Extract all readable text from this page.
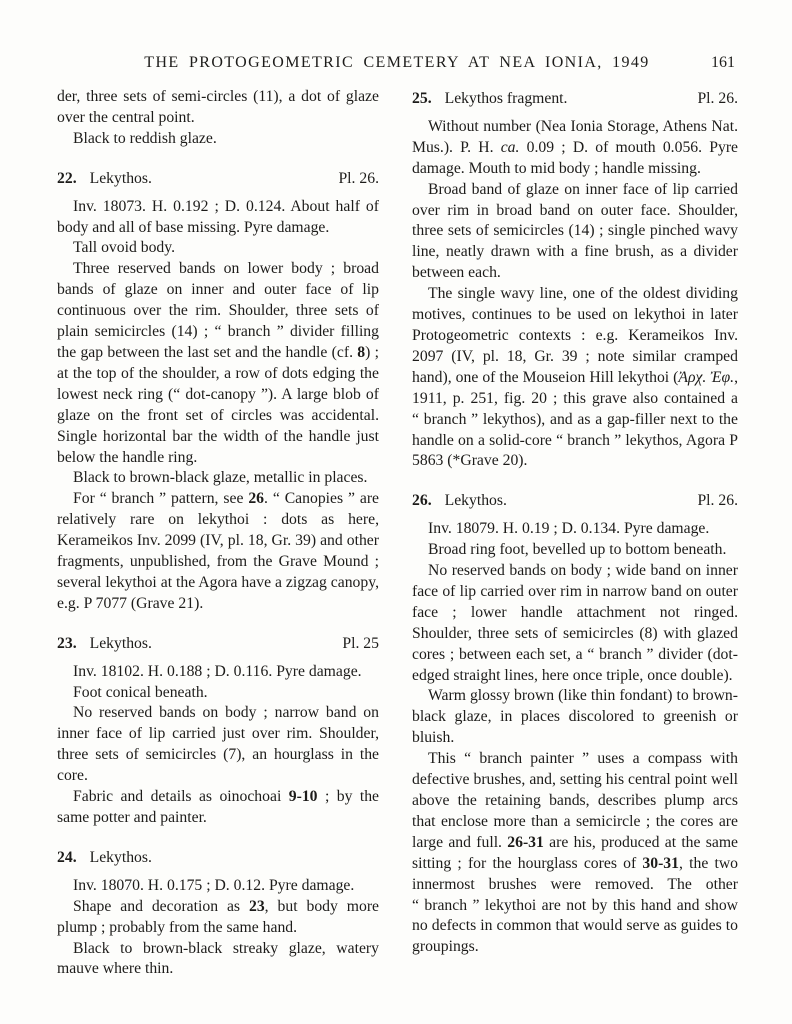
THE PROTOGEOMETRIC CEMETERY AT NEA IONIA, 1949	161

der, three sets of semi-circles (11), a dot of glaze over the central point.

Black to reddish glaze.

22. Lekythos.	Pl. 26.

Inv. 18073. H. 0.192 ; D. 0.124. About half of body and all of base missing. Pyre damage.

Tall ovoid body.

Three reserved bands on lower body ; broad bands of glaze on inner and outer face of lip continuous over the rim. Shoulder, three sets of plain semicircles (14) ; “ branch ” divider filling the gap between the last set and the handle (cf. 8) ; at the top of the shoulder, a row of dots edging the lowest neck ring (“ dot-canopy ”). A large blob of glaze on the front set of circles was accidental. Single horizontal bar the width of the handle just below the handle ring.

Black to brown-black glaze, metallic in places.

For “ branch ” pattern, see 26. “ Canopies ” are relatively rare on lekythoi : dots as here, Kerameikos Inv. 2099 (IV, pl. 18, Gr. 39) and other fragments, unpublished, from the Grave Mound ; several lekythoi at the Agora have a zigzag canopy, e.g. P 7077 (Grave 21).

23. Lekythos.	Pl. 25

Inv. 18102. H. 0.188 ; D. 0.116. Pyre damage.

Foot conical beneath.

No reserved bands on body ; narrow band on inner face of lip carried just over rim. Shoulder, three sets of semicircles (7), an hourglass in the core.

Fabric and details as oinochoai 9-10 ; by the same potter and painter.

24. Lekythos.

Inv. 18070. H. 0.175 ; D. 0.12. Pyre damage.

Shape and decoration as 23, but body more plump ; probably from the same hand.

Black to brown-black streaky glaze, watery mauve where thin.

25. Lekythos fragment.	Pl. 26.

Without number (Nea Ionia Storage, Athens Nat. Mus.). P. H. ca. 0.09 ; D. of mouth 0.056. Pyre damage. Mouth to mid body ; handle missing.

Broad band of glaze on inner face of lip carried over rim in broad band on outer face. Shoulder, three sets of semicircles (14) ; single pinched wavy line, neatly drawn with a fine brush, as a divider between each.

The single wavy line, one of the oldest dividing motives, continues to be used on lekythoi in later Protogeometric contexts : e.g. Kerameikos Inv. 2097 (IV, pl. 18, Gr. 39 ; note similar cramped hand), one of the Mouseion Hill lekythoi (Ἀρχ. Ἐφ., 1911, p. 251, fig. 20 ; this grave also contained a “ branch ” lekythos), and as a gap-filler next to the handle on a solid-core “ branch ” lekythos, Agora P 5863 (*Grave 20).

26. Lekythos.	Pl. 26.

Inv. 18079. H. 0.19 ; D. 0.134. Pyre damage.

Broad ring foot, bevelled up to bottom beneath.

No reserved bands on body ; wide band on inner face of lip carried over rim in narrow band on outer face ; lower handle attachment not ringed. Shoulder, three sets of semicircles (8) with glazed cores ; between each set, a “ branch ” divider (dot-edged straight lines, here once triple, once double).

Warm glossy brown (like thin fondant) to brown-black glaze, in places discolored to greenish or bluish.

This “ branch painter ” uses a compass with defective brushes, and, setting his central point well above the retaining bands, describes plump arcs that enclose more than a semicircle ; the cores are large and full. 26-31 are his, produced at the same sitting ; for the hourglass cores of 30-31, the two innermost brushes were removed. The other “ branch ” lekythoi are not by this hand and show no defects in common that would serve as guides to groupings.
